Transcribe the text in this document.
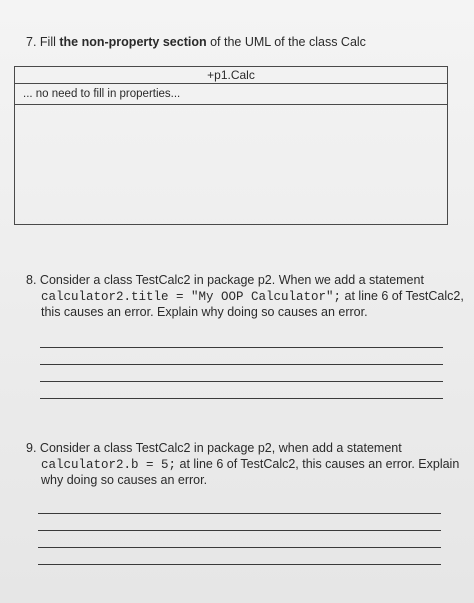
7. Fill the non-property section of the UML of the class Calc
+p1.Calc
... no need to fill in properties...
8. Consider a class TestCalc2 in package p2. When we add a statement
calculator2.title = "My OOP Calculator"; at line 6 of TestCalc2,
this causes an error. Explain why doing so causes an error.
9. Consider a class TestCalc2 in package p2, when add a statement
calculator2.b = 5; at line 6 of TestCalc2, this causes an error. Explain
why doing so causes an error.
